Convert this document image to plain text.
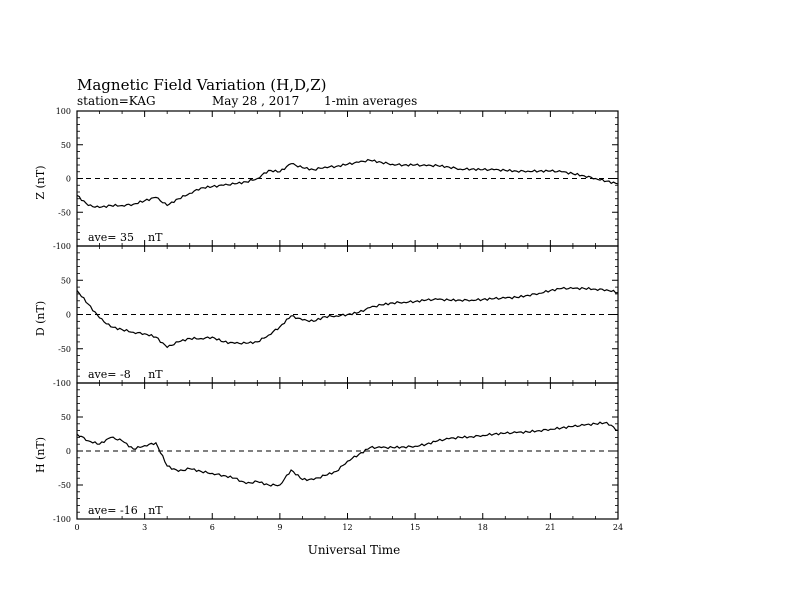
Magnetic Field Variation (H,D,Z)
station=KAG	May 28 , 2017 1-min averages
100
50
0
-50
-100
Z (nT)
ave= 35    nT
50
0
-50
-100
D (nT)
ave= -8     nT
50
0
-50
-100
H (nT)
ave= -16   nT
0	3	6	9	12	15	18	21	24
Universal Time
